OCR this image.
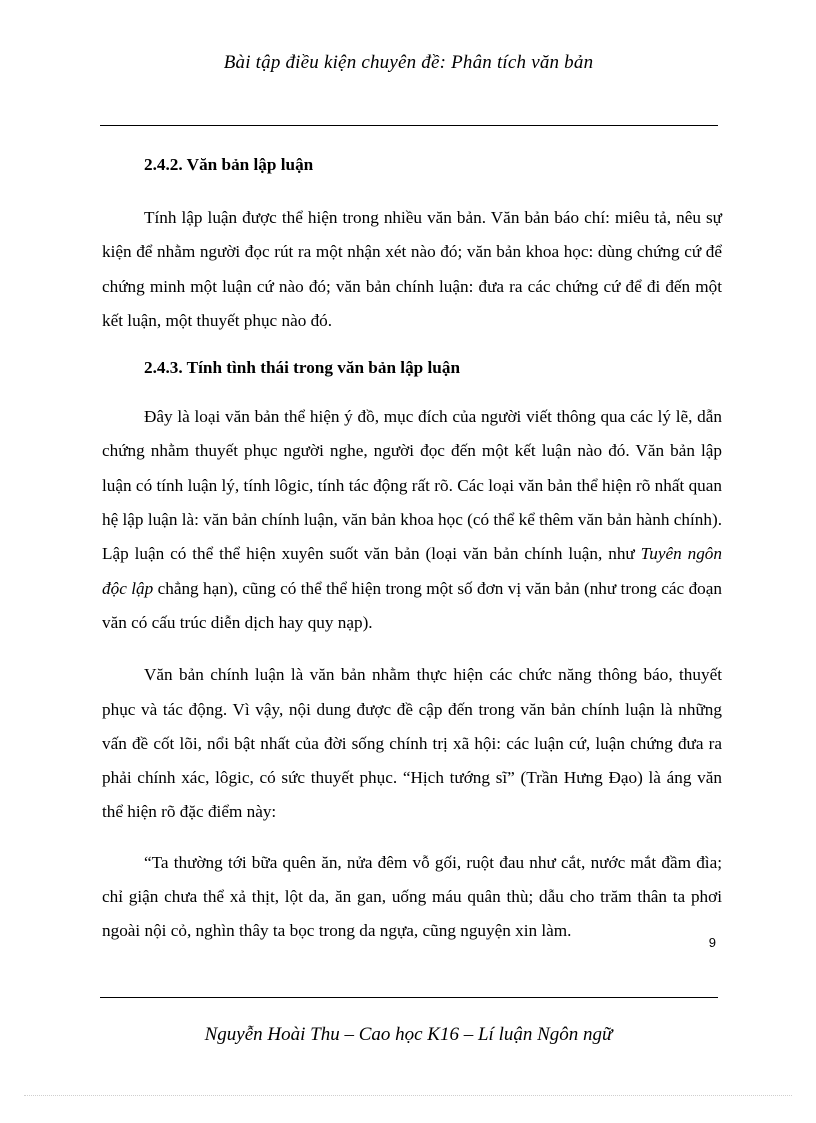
Bài tập điều kiện chuyên đề: Phân tích văn bản
2.4.2. Văn bản lập luận

Tính lập luận được thể hiện trong nhiều văn bản. Văn bản báo chí: miêu tả, nêu sự kiện để nhằm người đọc rút ra một nhận xét nào đó; văn bản khoa học: dùng chứng cứ để chứng minh một luận cứ nào đó; văn bản chính luận: đưa ra các chứng cứ để đi đến một kết luận, một thuyết phục nào đó.

2.4.3. Tính tình thái trong văn bản lập luận

Đây là loại văn bản thể hiện ý đồ, mục đích của người viết thông qua các lý lẽ, dẫn chứng nhằm thuyết phục người nghe, người đọc đến một kết luận nào đó. Văn bản lập luận có tính luận lý, tính lôgic, tính tác động rất rõ. Các loại văn bản thể hiện rõ nhất quan hệ lập luận là: văn bản chính luận, văn bản khoa học (có thể kể thêm văn bản hành chính). Lập luận có thể thể hiện xuyên suốt văn bản (loại văn bản chính luận, như Tuyên ngôn độc lập chẳng hạn), cũng có thể thể hiện trong một số đơn vị văn bản (như trong các đoạn văn có cấu trúc diễn dịch hay quy nạp).

Văn bản chính luận là văn bản nhằm thực hiện các chức năng thông báo, thuyết phục và tác động. Vì vậy, nội dung được đề cập đến trong văn bản chính luận là những vấn đề cốt lõi, nổi bật nhất của đời sống chính trị xã hội: các luận cứ, luận chứng đưa ra phải chính xác, lôgic, có sức thuyết phục. “Hịch tướng sĩ” (Trần Hưng Đạo) là áng văn thể hiện rõ đặc điểm này:

“Ta thường tới bữa quên ăn, nửa đêm vỗ gối, ruột đau như cắt, nước mắt đầm đìa; chỉ giận chưa thể xả thịt, lột da, ăn gan, uống máu quân thù; dẫu cho trăm thân ta phơi ngoài nội cỏ, nghìn thây ta bọc trong da ngựa, cũng nguyện xin làm.

9
Nguyễn Hoài Thu – Cao học K16 – Lí luận Ngôn ngữ
